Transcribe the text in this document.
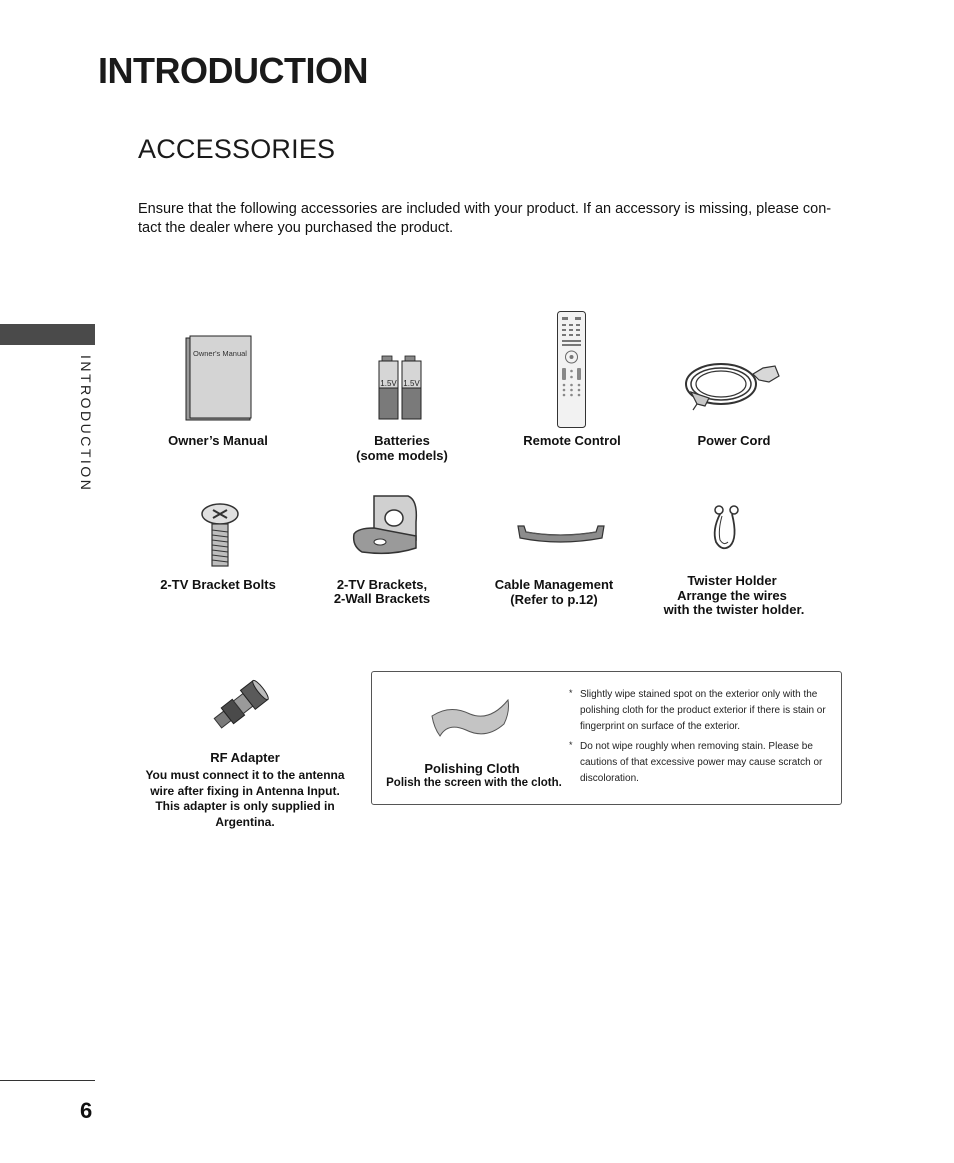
INTRODUCTION
ACCESSORIES
Ensure that the following accessories are included with your product. If an accessory is missing, please con-tact the dealer where you purchased the product.
INTRODUCTION
Owner's Manual
Owner’s Manual
1.5V 1.5V
Batteries
(some models)
Remote Control	Power Cord
2-TV Bracket Bolts	2-TV Brackets,
2-Wall Brackets
Cable Management
(Refer to p.12)
Twister Holder
Arrange the wires
with the twister holder.
RF Adapter
You must connect it to the antenna
wire after fixing in Antenna Input.
This adapter is only supplied in
Argentina.
Polishing Cloth
Polish the screen with the cloth.
* Slightly wipe stained spot on the exterior only with the polishing cloth for the product exterior if there is stain or fingerprint on surface of the exterior.
* Do not wipe roughly when removing stain. Please be cautions of that excessive power may cause scratch or discoloration.
6
